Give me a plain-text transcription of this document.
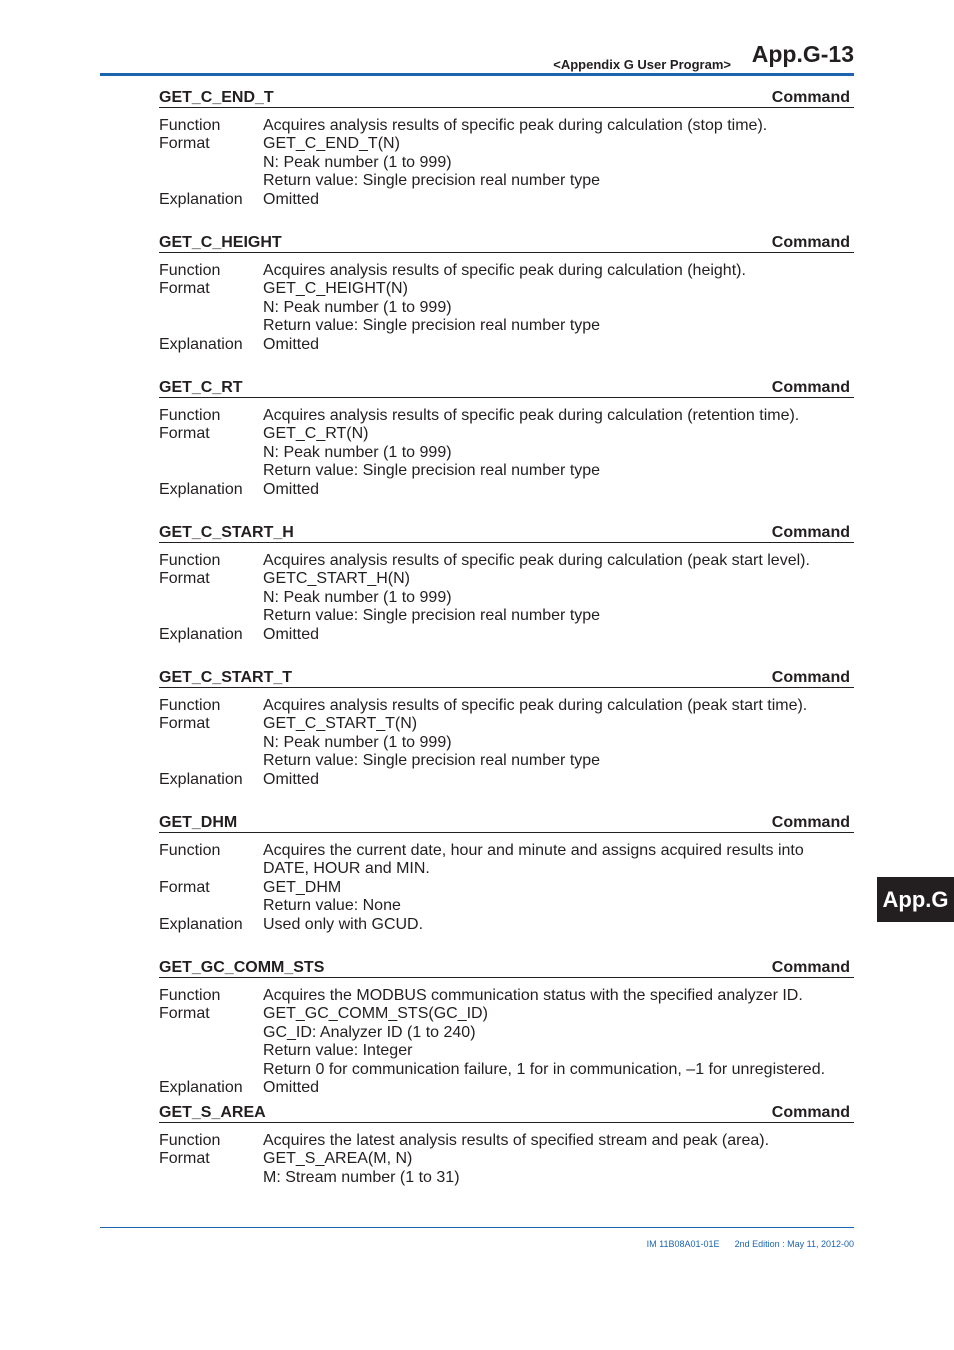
<Appendix G User Program> App.G-13
GET_C_END_T	Command
Function	Acquires analysis results of specific peak during calculation (stop time).
Format	GET_C_END_T(N)
N: Peak number (1 to 999)
Return value: Single precision real number type
Explanation	Omitted
GET_C_HEIGHT	Command
Function	Acquires analysis results of specific peak during calculation (height).
Format	GET_C_HEIGHT(N)
N: Peak number (1 to 999)
Return value: Single precision real number type
Explanation	Omitted
GET_C_RT	Command
Function	Acquires analysis results of specific peak during calculation (retention time).
Format	GET_C_RT(N)
N: Peak number (1 to 999)
Return value: Single precision real number type
Explanation	Omitted
GET_C_START_H	Command
Function	Acquires analysis results of specific peak during calculation (peak start level).
Format	GETC_START_H(N)
N: Peak number (1 to 999)
Return value: Single precision real number type
Explanation	Omitted
GET_C_START_T	Command
Function	Acquires analysis results of specific peak during calculation (peak start time).
Format	GET_C_START_T(N)
N: Peak number (1 to 999)
Return value: Single precision real number type
Explanation	Omitted
GET_DHM	Command
Function	Acquires the current date, hour and minute and assigns acquired results into
DATE, HOUR and MIN.
Format	GET_DHM
Return value: None
Explanation	Used only with GCUD.
GET_GC_COMM_STS	Command
Function	Acquires the MODBUS communication status with the specified analyzer ID.
Format	GET_GC_COMM_STS(GC_ID)
GC_ID: Analyzer ID (1 to 240)
Return value: Integer
Return 0 for communication failure, 1 for in communication, –1 for unregistered.
Explanation	Omitted
GET_S_AREA	Command
Function	Acquires the latest analysis results of specified stream and peak (area).
Format	GET_S_AREA(M, N)
M: Stream number (1 to 31)
App.G
IM 11B08A01-01E 2nd Edition : May 11, 2012-00
